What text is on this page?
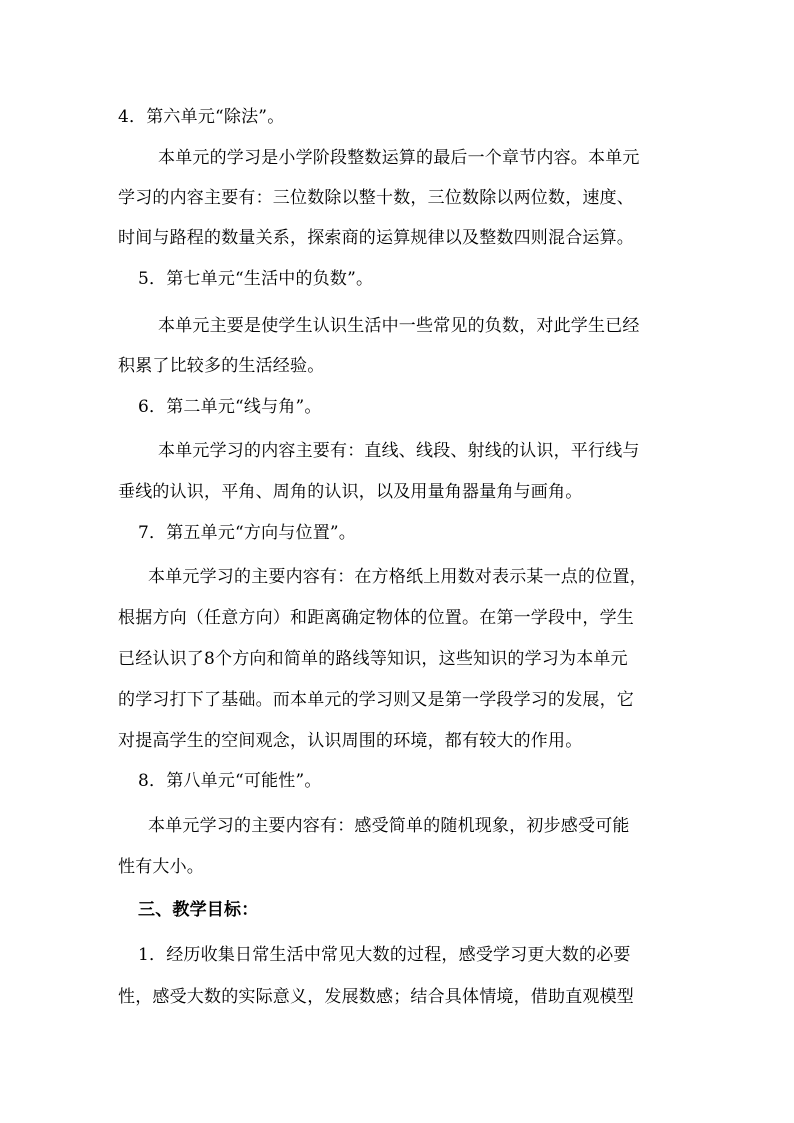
4．第六单元“除法”。
本单元的学习是小学阶段整数运算的最后一个章节内容。本单元
学习的内容主要有：三位数除以整十数，三位数除以两位数，速度、
时间与路程的数量关系，探索商的运算规律以及整数四则混合运算。
5．第七单元“生活中的负数”。
本单元主要是使学生认识生活中一些常见的负数，对此学生已经
积累了比较多的生活经验。
6．第二单元“线与角”。
本单元学习的内容主要有：直线、线段、射线的认识，平行线与
垂线的认识，平角、周角的认识，以及用量角器量角与画角。
7．第五单元“方向与位置”。
本单元学习的主要内容有：在方格纸上用数对表示某一点的位置，
根据方向（任意方向）和距离确定物体的位置。在第一学段中，学生
已经认识了8个方向和简单的路线等知识，这些知识的学习为本单元
的学习打下了基础。而本单元的学习则又是第一学段学习的发展，它
对提高学生的空间观念，认识周围的环境，都有较大的作用。
8．第八单元“可能性”。
本单元学习的主要内容有：感受简单的随机现象，初步感受可能
性有大小。
三、教学目标：
1．经历收集日常生活中常见大数的过程，感受学习更大数的必要
性，感受大数的实际意义，发展数感；结合具体情境，借助直观模型
